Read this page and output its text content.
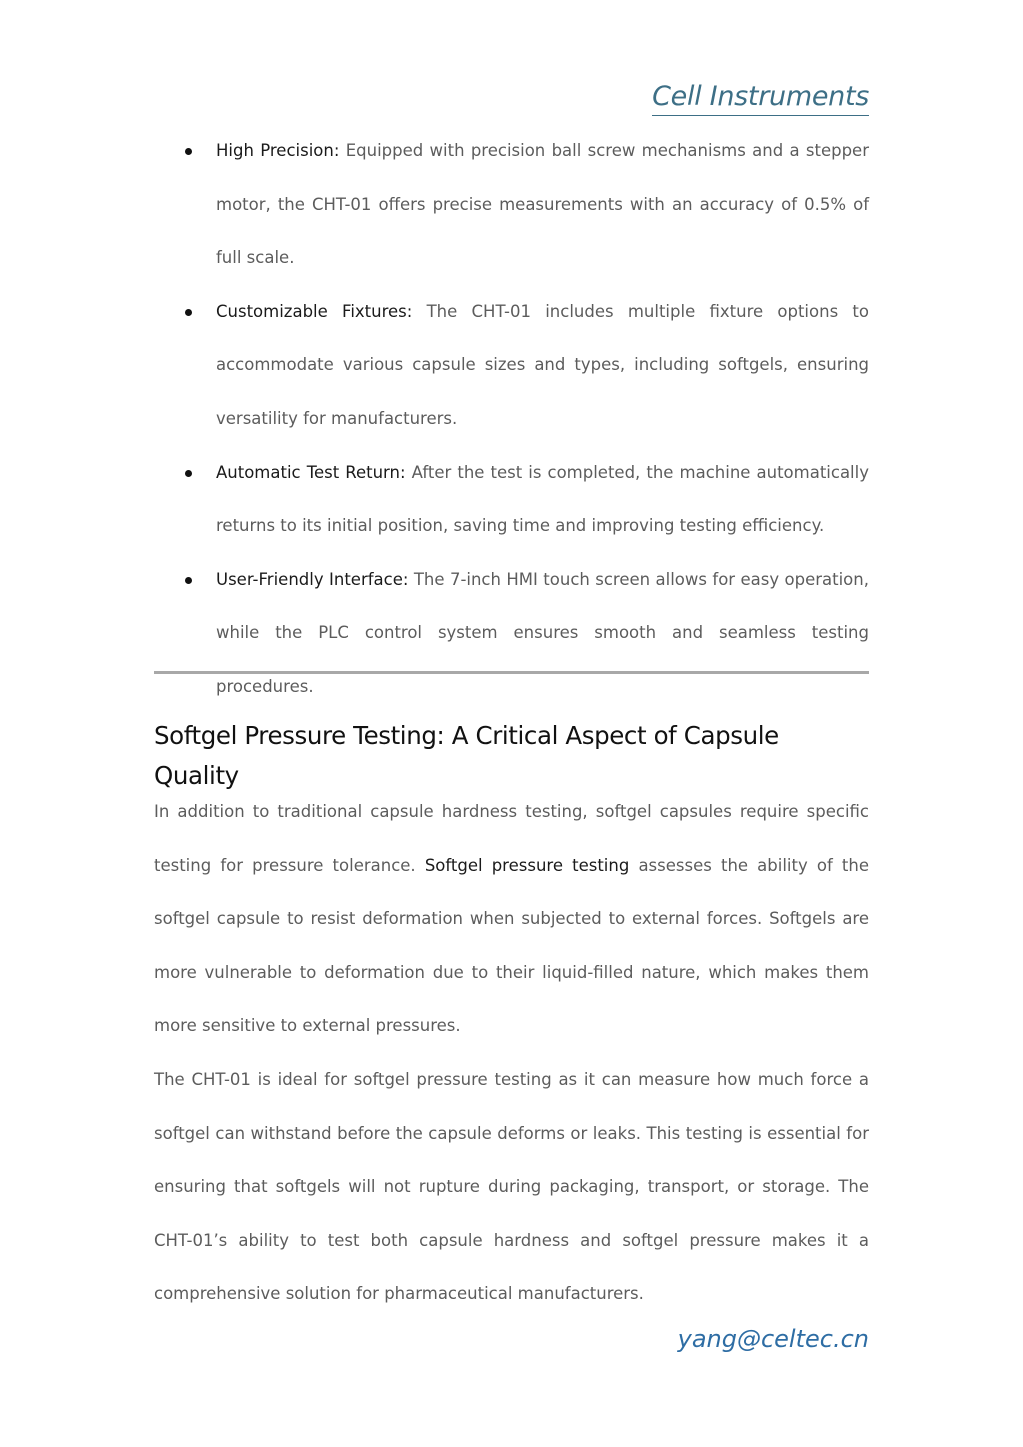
Cell Instruments
High Precision: Equipped with precision ball screw mechanisms and a stepper motor, the CHT-01 offers precise measurements with an accuracy of 0.5% of full scale.
Customizable Fixtures: The CHT-01 includes multiple fixture options to accommodate various capsule sizes and types, including softgels, ensuring versatility for manufacturers.
Automatic Test Return: After the test is completed, the machine automatically returns to its initial position, saving time and improving testing efficiency.
User-Friendly Interface: The 7-inch HMI touch screen allows for easy operation, while the PLC control system ensures smooth and seamless testing procedures.
Softgel Pressure Testing: A Critical Aspect of Capsule Quality

In addition to traditional capsule hardness testing, softgel capsules require specific testing for pressure tolerance. Softgel pressure testing assesses the ability of the softgel capsule to resist deformation when subjected to external forces. Softgels are more vulnerable to deformation due to their liquid-filled nature, which makes them more sensitive to external pressures.

The CHT-01 is ideal for softgel pressure testing as it can measure how much force a softgel can withstand before the capsule deforms or leaks. This testing is essential for ensuring that softgels will not rupture during packaging, transport, or storage. The CHT-01’s ability to test both capsule hardness and softgel pressure makes it a comprehensive solution for pharmaceutical manufacturers.

yang@celtec.cn
